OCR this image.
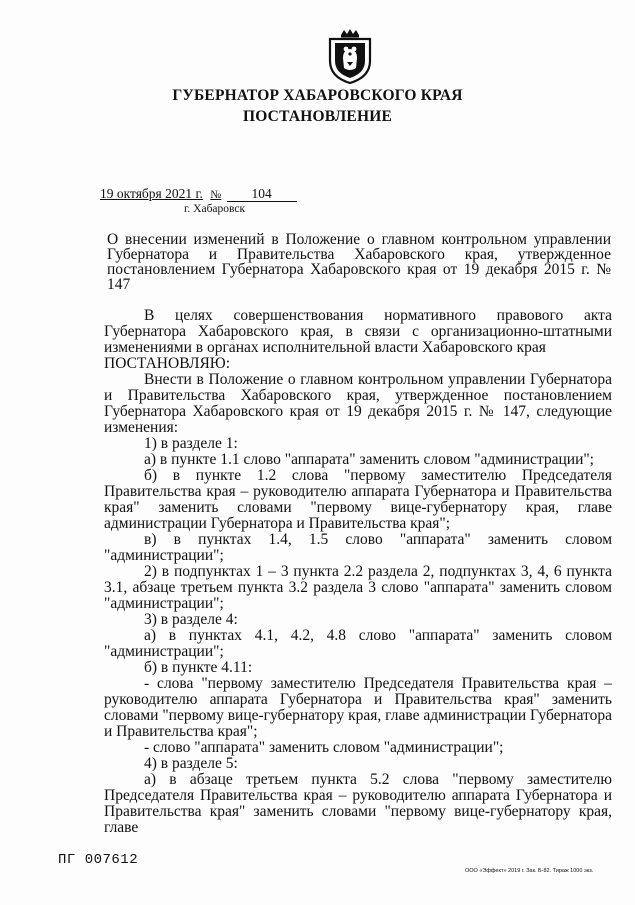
ГУБЕРНАТОР ХАБАРОВСКОГО КРАЯ
ПОСТАНОВЛЕНИЕ
19 октября 2021 г. № 104
г. Хабаровск
О внесении изменений в Положение о главном контрольном управлении Губернатора и Правительства Хабаровского края, утвержденное постановлением Губернатора Хабаровского края от 19 декабря 2015 г. № 147

В целях совершенствования нормативного правового акта Губернатора Хабаровского края, в связи с организационно-штатными изменениями в органах исполнительной власти Хабаровского края

ПОСТАНОВЛЯЮ:

Внести в Положение о главном контрольном управлении Губернатора и Правительства Хабаровского края, утвержденное постановлением Губернатора Хабаровского края от 19 декабря 2015 г. № 147, следующие изменения:

1) в разделе 1:

а) в пункте 1.1 слово "аппарата" заменить словом "администрации";

б) в пункте 1.2 слова "первому заместителю Председателя Правительства края – руководителю аппарата Губернатора и Правительства края" заменить словами "первому вице-губернатору края, главе администрации Губернатора и Правительства края";

в) в пунктах 1.4, 1.5 слово "аппарата" заменить словом "администрации";

2) в подпунктах 1 – 3 пункта 2.2 раздела 2, подпунктах 3, 4, 6 пункта 3.1, абзаце третьем пункта 3.2 раздела 3 слово "аппарата" заменить словом "администрации";

3) в разделе 4:

а) в пунктах 4.1, 4.2, 4.8 слово "аппарата" заменить словом "администрации";

б) в пункте 4.11:

- слова "первому заместителю Председателя Правительства края – руководителю аппарата Губернатора и Правительства края" заменить словами "первому вице-губернатору края, главе администрации Губернатора и Правительства края";

- слово "аппарата" заменить словом "администрации";

4) в разделе 5:

а) в абзаце третьем пункта 5.2 слова "первому заместителю Председателя Правительства края – руководителю аппарата Губернатора и Правительства края" заменить словами "первому вице-губернатору края, главе

ПГ 007612
ООО «Эффект» 2019 г. Зак. Б-82. Тираж 1000 экз.
